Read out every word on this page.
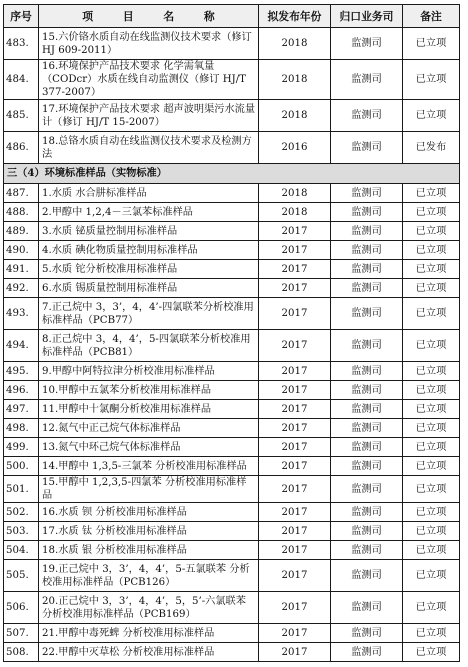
序号	项 目 名 称	拟发布年份	归口业务司	备注
483.	15.六价铬水质自动在线监测仪技术要求（修订HJ 609-2011）	2018	监测司	已立项
484.	16.环境保护产品技术要求 化学需氧量（CODcr）水质在线自动监测仪（修订 HJ/T 377-2007）	2018	监测司	已立项
485.	17.环境保护产品技术要求 超声波明渠污水流量计（修订 HJ/T 15-2007）	2018	监测司	已立项
486.	18.总铬水质自动在线监测仪技术要求及检测方法	2016	监测司	已发布
三（4）环境标准样品（实物标准）				
487.	1.水质 水合肼标准样品	2018	监测司	已立项
488.	2.甲醇中 1,2,4－三氯苯标准样品	2018	监测司	已立项
489.	3.水质 铋质量控制用标准样品	2017	监测司	已立项
490.	4.水质 碘化物质量控制用标准样品	2017	监测司	已立项
491.	5.水质 铊分析校准用标准样品	2017	监测司	已立项
492.	6.水质 锡质量控制用标准样品	2017	监测司	已立项
493.	7.正己烷中 3，3’，4，4’-四氯联苯分析校准用标准样品（PCB77）	2017	监测司	已立项
494.	8.正己烷中 3，4，4’，5-四氯联苯分析校准用标准样品（PCB81）	2017	监测司	已立项
495.	9.甲醇中阿特拉津分析校准用标准样品	2017	监测司	已立项
496.	10.甲醇中五氯苯分析校准用标准样品	2017	监测司	已立项
497.	11.甲醇中十氯酮分析校准用标准样品	2017	监测司	已立项
498.	12.氮气中正己烷气体标准样品	2017	监测司	已立项
499.	13.氮气中环己烷气体标准样品	2017	监测司	已立项
500.	14.甲醇中 1,3,5-三氯苯 分析校准用标准样品	2017	监测司	已立项
501.	15.甲醇中 1,2,3,5-四氯苯 分析校准用标准样品	2017	监测司	已立项
502.	16.水质 钡 分析校准用标准样品	2017	监测司	已立项
503.	17.水质 钛 分析校准用标准样品	2017	监测司	已立项
504.	18.水质 银 分析校准用标准样品	2017	监测司	已立项
505.	19.正己烷中 3，3’，4，4’，5-五氯联苯 分析校准用标准样品（PCB126）	2017	监测司	已立项
506.	20.正己烷中 3，3’，4，4’，5，5’-六氯联苯 分析校准用标准样品（PCB169）	2017	监测司	已立项
507.	21.甲醇中毒死蜱 分析校准用标准样品	2017	监测司	已立项
508.	22.甲醇中灭草松 分析校准用标准样品	2017	监测司	已立项
